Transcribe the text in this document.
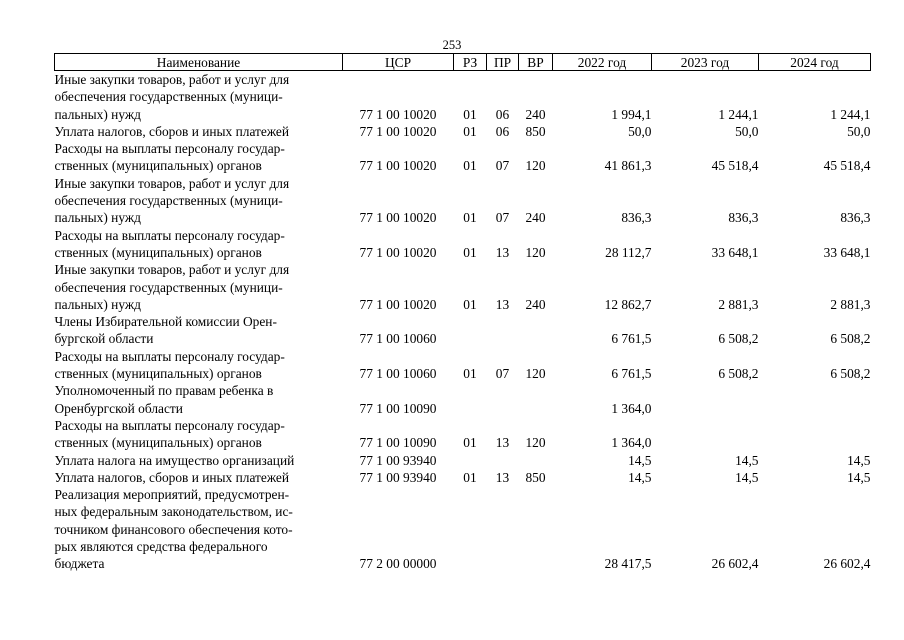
253
Наименование	ЦСР	РЗ	ПР	ВР	2022 год	2023 год	2024 год

Иные закупки товаров, работ и услуг для
обеспечения государственных (муници-
пальных) нужд	77 1 00 10020	01	06	240	1 994,1	1 244,1	1 244,1

Уплата налогов, сборов и иных платежей	77 1 00 10020	01	06	850	50,0	50,0	50,0

Расходы на выплаты персоналу государ-
ственных (муниципальных) органов	77 1 00 10020	01	07	120	41 861,3	45 518,4	45 518,4

Иные закупки товаров, работ и услуг для
обеспечения государственных (муници-
пальных) нужд	77 1 00 10020	01	07	240	836,3	836,3	836,3

Расходы на выплаты персоналу государ-
ственных (муниципальных) органов	77 1 00 10020	01	13	120	28 112,7	33 648,1	33 648,1

Иные закупки товаров, работ и услуг для
обеспечения государственных (муници-
пальных) нужд	77 1 00 10020	01	13	240	12 862,7	2 881,3	2 881,3

Члены Избирательной комиссии Орен-
бургской области	77 1 00 10060				6 761,5	6 508,2	6 508,2

Расходы на выплаты персоналу государ-
ственных (муниципальных) органов	77 1 00 10060	01	07	120	6 761,5	6 508,2	6 508,2

Уполномоченный по правам ребенка в
Оренбургской области	77 1 00 10090				1 364,0		

Расходы на выплаты персоналу государ-
ственных (муниципальных) органов	77 1 00 10090	01	13	120	1 364,0		

Уплата налога на имущество организаций	77 1 00 93940				14,5	14,5	14,5

Уплата налогов, сборов и иных платежей	77 1 00 93940	01	13	850	14,5	14,5	14,5

Реализация мероприятий, предусмотрен-
ных федеральным законодательством, ис-
точником финансового обеспечения кото-
рых являются средства федерального
бюджета	77 2 00 00000				28 417,5	26 602,4	26 602,4
